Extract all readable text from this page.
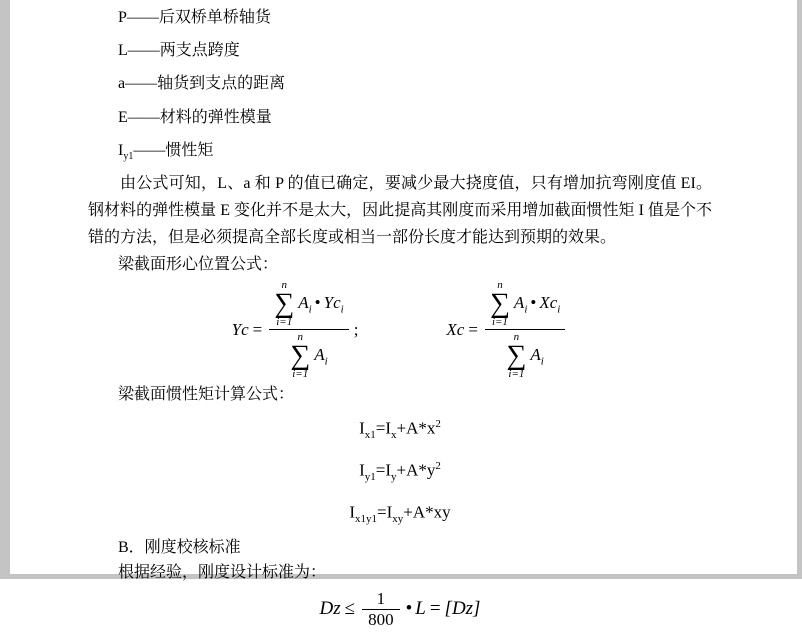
P——后双桥单桥轴货
L——两支点跨度
a——轴货到支点的距离
E——材料的弹性模量
$I_{y1}——$惯性矩

由公式可知，L、a 和 P 的值已确定，要减少最大挠度值，只有增加抗弯刚度值 EI。钢材料的弹性模量 E 变化并不是太大，因此提高其刚度而采用增加截面惯性矩 I 值是个不错的方法，但是必须提高全部长度或相当一部份长度才能达到预期的效果。

梁截面形心位置公式：
Yc = n
∑
i=1
$A_i$ • $Yc_i$
n
∑
i=1
$A_i$ ;	Xc = n
∑
i=1
$A_i$ • $Xc_i$
n
∑
i=1
$A_i$
梁截面惯性矩计算公式：
$I_{x1}=I_x+A*x^2$
$I_{y1}=I_y+A*y^2$
$I_{x1y1}=I_{xy}+A*xy$
B．刚度校核标准
根据经验，刚度设计标准为：
$Dz \le \frac{1}{800}$ • L = [Dz]
